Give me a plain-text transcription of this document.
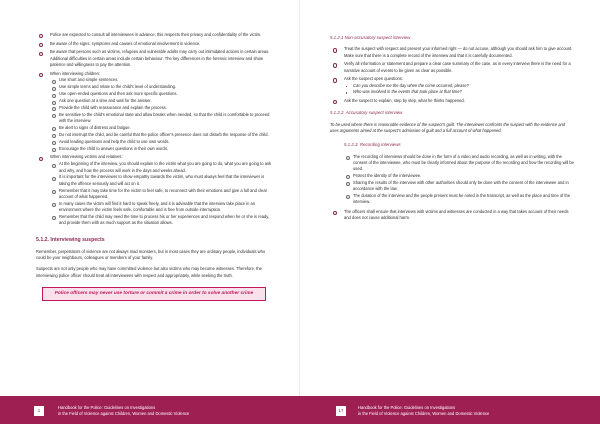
Police are expected to consult all interviewees in advance, this respects their privacy and confidentiality of the victim.
Be aware of the signs, symptoms and causes of emotional involvement in violence.
Be aware that persons such as victims, refugees and vulnerable adults may carry out intimidated actions in certain areas. Additional difficulties in certain areas include certain behaviour. The key differences in the forensic interview and show patience and willingness to pay the attention.
When interviewing children:
Use short and simple sentences.
Use simple terms and relate to the child's level of understanding.
Use open-ended questions and then ask more specific questions.
Ask one question at a time and wait for the answer.
Provide the child with reassurance and explain the process.
Be sensitive to the child's emotional state and allow breaks when needed, so that the child is comfortable to proceed with the interview.
Be alert to signs of distress and fatigue.
Do not interrupt the child, and be careful that the police officer's presence does not disturb the response of the child.
Avoid leading questions and help the child to use own words.
Encourage the child to answer questions in their own words.
When interviewing victims and relatives:
At the beginning of the interview, you should explain to the victim what you are going to do, what you are going to ask and why, and how the process will work in the days and weeks ahead.
It is important for the interviewer to show empathy towards the victim, who must always feel that the interviewer is taking the offence seriously and will act on it.
Remember that it may take time for the victim to feel safe, to reconnect with their emotions and give a full and clear account of what happened.
In many cases the victim will find it hard to speak freely, and it is advisable that the interview take place in an environment where the victim feels safe, comfortable and is free from outside interruption.
Remember that the child may need the time to process his or her experiences and respond when he or she is ready, and provide them with as much support as the situation allows.
5.1.2. Interviewing suspects

Remember, perpetrators of violence are not always mad monsters, but in most cases they are ordinary people, individuals who could be your neighbours, colleagues or members of your family.

Suspects are not only people who may have committed violence but also victims who may become witnesses. Therefore, the interviewing police officer should treat all interviewees with respect and appropriately, while seeking the truth.

Police officers may never use torture or commit a crime in order to solve another crime
1
Handbook for the Police: Guidelines on Investigations
in the Field of Violence against Children, Women and Domestic Violence
5.1.2.1 Non-accusatory suspect interview
Treat the suspect with respect and present your informed right — do not accuse, although you should ask him to give account. Make sure that there is a complete record of the interview and that it is carefully documented.
Verify all information or statement and prepare a clear case summary of the case, as in every interview there is the need for a narrative account of events to be given as clear as possible.
Ask the suspect open questions:
Can you describe me the day when the crime occurred, please?
Who was involved in the events that took place at that time?
Ask the suspect to explain, step by step, what he thinks happened.
5.1.2.2. Accusatory suspect interview

To be used where there is reasonable evidence of the suspect's guilt. The interviewer confronts the suspect with the evidence and uses arguments aimed at the suspect's admission of guilt and a full account of what happened.

5.1.2.3. Recording interviews
The recording of interviews should be done in the form of a video and audio recording, as well as in writing, with the consent of the interviewee, who must be clearly informed about the purpose of the recording and how the recording will be used.
Protect the identity of the interviewee.
Sharing the results of the interview with other authorities should only be done with the consent of the interviewee and in accordance with the law.
The duration of the interview and the people present must be noted in the transcript, as well as the place and time of the interview.
The officers shall ensure that interviews with victims and witnesses are conducted in a way that takes account of their needs and does not cause additional harm.
17
Handbook for the Police: Guidelines on Investigations
in the Field of Violence against Children, Women and Domestic Violence
